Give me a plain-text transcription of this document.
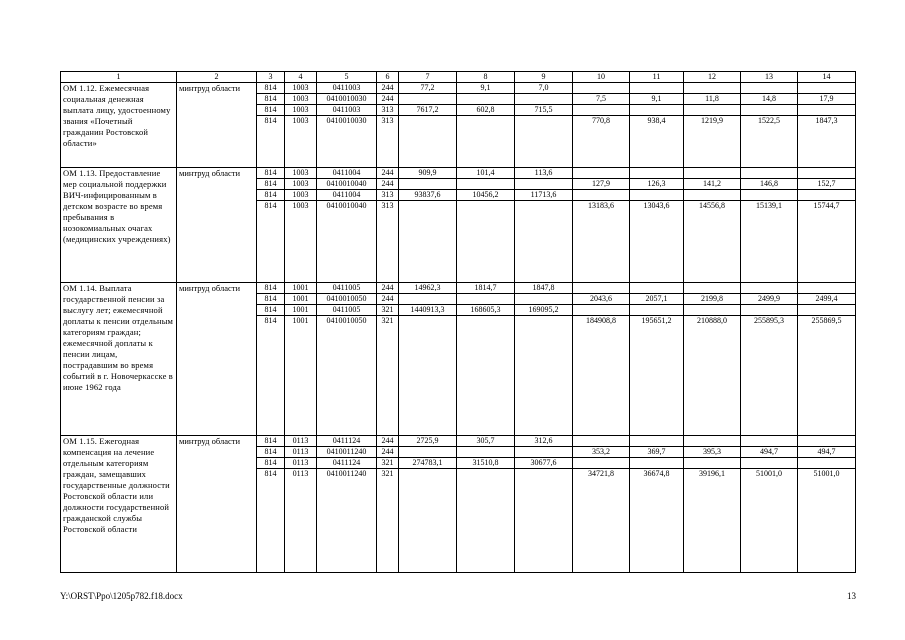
1	2	3	4	5	6	7	8	9	10	11	12	13	14
ОМ 1.12. Ежемесячная социальная денежная выплата лицу, удостоенному звания «Почетный гражданин Ростовской области»	минтруд области	814	1003	0411003	244	77,2	9,1	7,0					
		814	1003	0410010030	244				7,5	9,1	11,8	14,8	17,9
		814	1003	0411003	313	7617,2	602,8	715,5					
		814	1003	0410010030	313				770,8	938,4	1219,9	1522,5	1847,3
ОМ 1.13. Предоставление мер социальной поддержки ВИЧ-инфицированным в детском возрасте во время пребывания в нозокомиальных очагах (медицинских учреждениях)	минтруд области	814	1003	0411004	244	909,9	101,4	113,6					
		814	1003	0410010040	244				127,9	126,3	141,2	146,8	152,7
		814	1003	0411004	313	93837,6	10456,2	11713,6					
		814	1003	0410010040	313				13183,6	13043,6	14556,8	15139,1	15744,7
ОМ 1.14. Выплата государственной пенсии за выслугу лет; ежемесячной доплаты к пенсии отдельным категориям граждан; ежемесячной доплаты к пенсии лицам, пострадавшим во время событий в г. Новочеркасске в июне 1962 года	минтруд области	814	1001	0411005	244	14962,3	1814,7	1847,8					
		814	1001	0410010050	244				2043,6	2057,1	2199,8	2499,9	2499,4
		814	1001	0411005	321	1440913,3	168605,3	169095,2					
		814	1001	0410010050	321				184908,8	195651,2	210888,0	255895,3	255869,5
ОМ 1.15. Ежегодная компенсация на лечение отдельным категориям граждан, замещавших государственные должности Ростовской области или должности государственной гражданской службы Ростовской области	минтруд области	814	0113	0411124	244	2725,9	305,7	312,6					
		814	0113	0410011240	244				353,2	369,7	395,3	494,7	494,7
		814	0113	0411124	321	274783,1	31510,8	30677,6					
		814	0113	0410011240	321				34721,8	36674,8	39196,1	51001,0	51001,0
Y:\ORST\Ppo\1205p782.f18.docx	13
